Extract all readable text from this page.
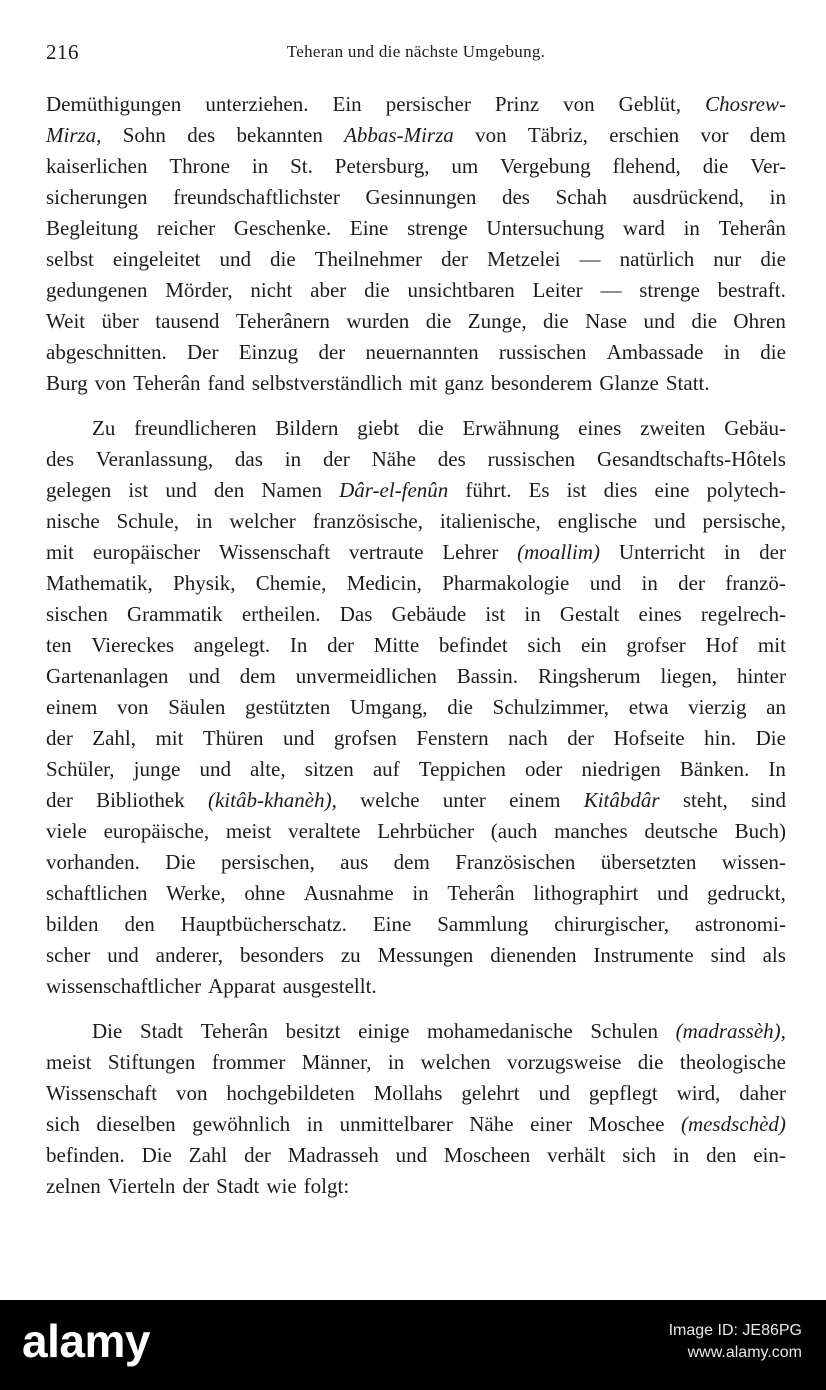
216	Teheran und die nächste Umgebung.
Demüthigungen unterziehen. Ein persischer Prinz von Geblüt, Chosrew-
Mirza, Sohn des bekannten Abbas-Mirza von Täbriz, erschien vor dem
kaiserlichen Throne in St. Petersburg, um Vergebung flehend, die Ver-
sicherungen freundschaftlichster Gesinnungen des Schah ausdrückend, in
Begleitung reicher Geschenke. Eine strenge Untersuchung ward in Teherân
selbst eingeleitet und die Theilnehmer der Metzelei — natürlich nur die
gedungenen Mörder, nicht aber die unsichtbaren Leiter — strenge bestraft.
Weit über tausend Teherânern wurden die Zunge, die Nase und die Ohren
abgeschnitten. Der Einzug der neuernannten russischen Ambassade in die
Burg von Teherân fand selbstverständlich mit ganz besonderem Glanze Statt.
Zu freundlicheren Bildern giebt die Erwähnung eines zweiten Gebäu-
des Veranlassung, das in der Nähe des russischen Gesandtschafts-Hôtels
gelegen ist und den Namen Dâr-el-fenûn führt. Es ist dies eine polytech-
nische Schule, in welcher französische, italienische, englische und persische,
mit europäischer Wissenschaft vertraute Lehrer (moallim) Unterricht in der
Mathematik, Physik, Chemie, Medicin, Pharmakologie und in der franzö-
sischen Grammatik ertheilen. Das Gebäude ist in Gestalt eines regelrech-
ten Viereckes angelegt. In der Mitte befindet sich ein grofser Hof mit
Gartenanlagen und dem unvermeidlichen Bassin. Ringsherum liegen, hinter
einem von Säulen gestützten Umgang, die Schulzimmer, etwa vierzig an
der Zahl, mit Thüren und grofsen Fenstern nach der Hofseite hin. Die
Schüler, junge und alte, sitzen auf Teppichen oder niedrigen Bänken. In
der Bibliothek (kitâb-khanèh), welche unter einem Kitâbdâr steht, sind
viele europäische, meist veraltete Lehrbücher (auch manches deutsche Buch)
vorhanden. Die persischen, aus dem Französischen übersetzten wissen-
schaftlichen Werke, ohne Ausnahme in Teherân lithographirt und gedruckt,
bilden den Hauptbücherschatz. Eine Sammlung chirurgischer, astronomi-
scher und anderer, besonders zu Messungen dienenden Instrumente sind als
wissenschaftlicher Apparat ausgestellt.
Die Stadt Teherân besitzt einige mohamedanische Schulen (madrassèh),
meist Stiftungen frommer Männer, in welchen vorzugsweise die theologische
Wissenschaft von hochgebildeten Mollahs gelehrt und gepflegt wird, daher
sich dieselben gewöhnlich in unmittelbarer Nähe einer Moschee (mesdschèd)
befinden. Die Zahl der Madrasseh und Moscheen verhält sich in den ein-
zelnen Vierteln der Stadt wie folgt:
alamy	Image ID: JE86PG
www.alamy.com
